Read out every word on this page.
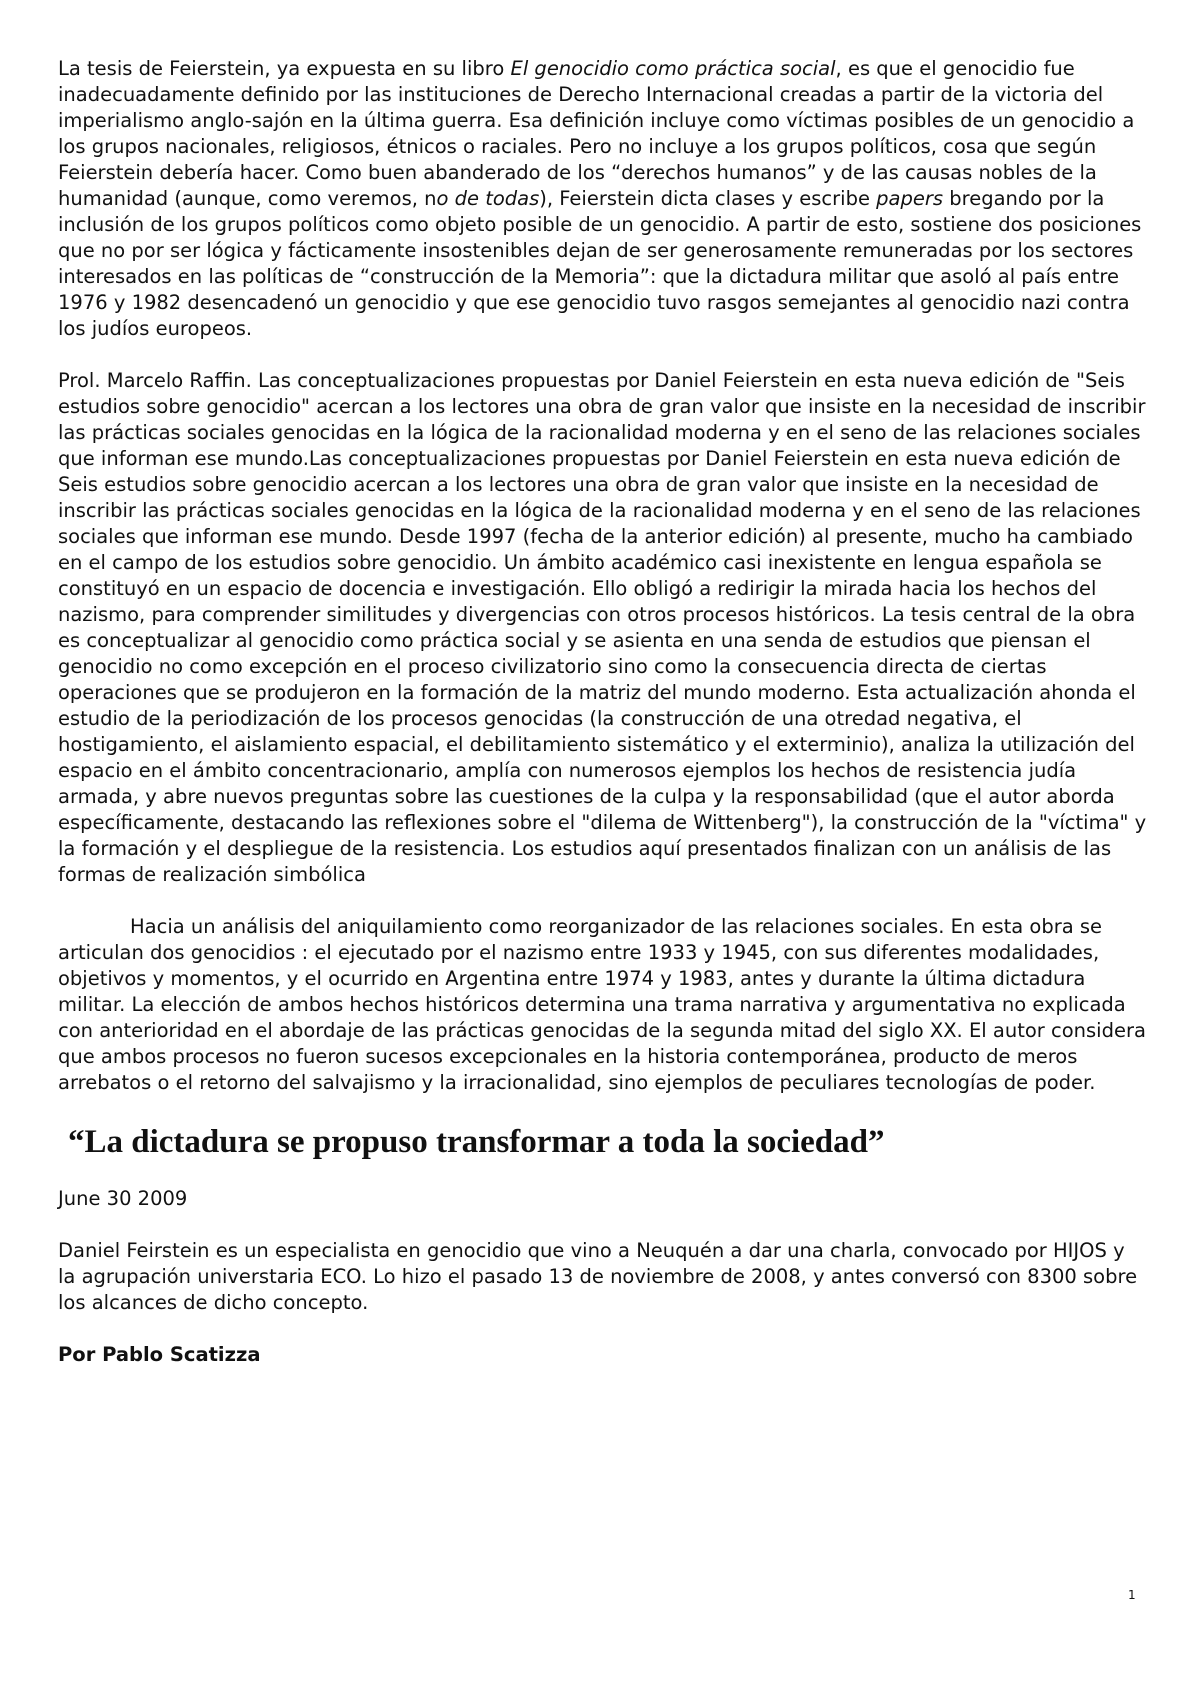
La tesis de Feierstein, ya expuesta en su libro El genocidio como práctica social, es que el genocidio fue inadecuadamente definido por las instituciones de Derecho Internacional creadas a partir de la victoria del imperialismo anglo-sajón en la última guerra. Esa definición incluye como víctimas posibles de un genocidio a los grupos nacionales, religiosos, étnicos o raciales. Pero no incluye a los grupos políticos, cosa que según Feierstein debería hacer. Como buen abanderado de los “derechos humanos” y de las causas nobles de la humanidad (aunque, como veremos, no de todas), Feierstein dicta clases y escribe papers bregando por la inclusión de los grupos políticos como objeto posible de un genocidio. A partir de esto, sostiene dos posiciones que no por ser lógica y fácticamente insostenibles dejan de ser generosamente remuneradas por los sectores interesados en las políticas de “construcción de la Memoria”: que la dictadura militar que asoló al país entre 1976 y 1982 desencadenó un genocidio y que ese genocidio tuvo rasgos semejantes al genocidio nazi contra los judíos europeos.

Prol. Marcelo Raffin. Las conceptualizaciones propuestas por Daniel Feierstein en esta nueva edición de "Seis estudios sobre genocidio" acercan a los lectores una obra de gran valor que insiste en la necesidad de inscribir las prácticas sociales genocidas en la lógica de la racionalidad moderna y en el seno de las relaciones sociales que informan ese mundo.Las conceptualizaciones propuestas por Daniel Feierstein en esta nueva edición de Seis estudios sobre genocidio acercan a los lectores una obra de gran valor que insiste en la necesidad de inscribir las prácticas sociales genocidas en la lógica de la racionalidad moderna y en el seno de las relaciones sociales que informan ese mundo. Desde 1997 (fecha de la anterior edición) al presente, mucho ha cambiado en el campo de los estudios sobre genocidio. Un ámbito académico casi inexistente en lengua española se constituyó en un espacio de docencia e investigación. Ello obligó a redirigir la mirada hacia los hechos del nazismo, para comprender similitudes y divergencias con otros procesos históricos. La tesis central de la obra es conceptualizar al genocidio como práctica social y se asienta en una senda de estudios que piensan el genocidio no como excepción en el proceso civilizatorio sino como la consecuencia directa de ciertas operaciones que se produjeron en la formación de la matriz del mundo moderno. Esta actualización ahonda el estudio de la periodización de los procesos genocidas (la construcción de una otredad negativa, el hostigamiento, el aislamiento espacial, el debilitamiento sistemático y el exterminio), analiza la utilización del espacio en el ámbito concentracionario, amplía con numerosos ejemplos los hechos de resistencia judía armada, y abre nuevos preguntas sobre las cuestiones de la culpa y la responsabilidad (que el autor aborda específicamente, destacando las reflexiones sobre el "dilema de Wittenberg"), la construcción de la "víctima" y la formación y el despliegue de la resistencia. Los estudios aquí presentados finalizan con un análisis de las formas de realización simbólica

Hacia un análisis del aniquilamiento como reorganizador de las relaciones sociales. En esta obra se articulan dos genocidios : el ejecutado por el nazismo entre 1933 y 1945, con sus diferentes modalidades, objetivos y momentos, y el ocurrido en Argentina entre 1974 y 1983, antes y durante la última dictadura militar. La elección de ambos hechos históricos determina una trama narrativa y argumentativa no explicada con anterioridad en el abordaje de las prácticas genocidas de la segunda mitad del siglo XX. El autor considera que ambos procesos no fueron sucesos excepcionales en la historia contemporánea, producto de meros arrebatos o el retorno del salvajismo y la irracionalidad, sino ejemplos de peculiares tecnologías de poder.

“La dictadura se propuso transformar a toda la sociedad”

June 30 2009

Daniel Feirstein es un especialista en genocidio que vino a Neuquén a dar una charla, convocado por HIJOS y la agrupación universtaria ECO. Lo hizo el pasado 13 de noviembre de 2008, y antes conversó con 8300 sobre los alcances de dicho concepto.

Por Pablo Scatizza

1
